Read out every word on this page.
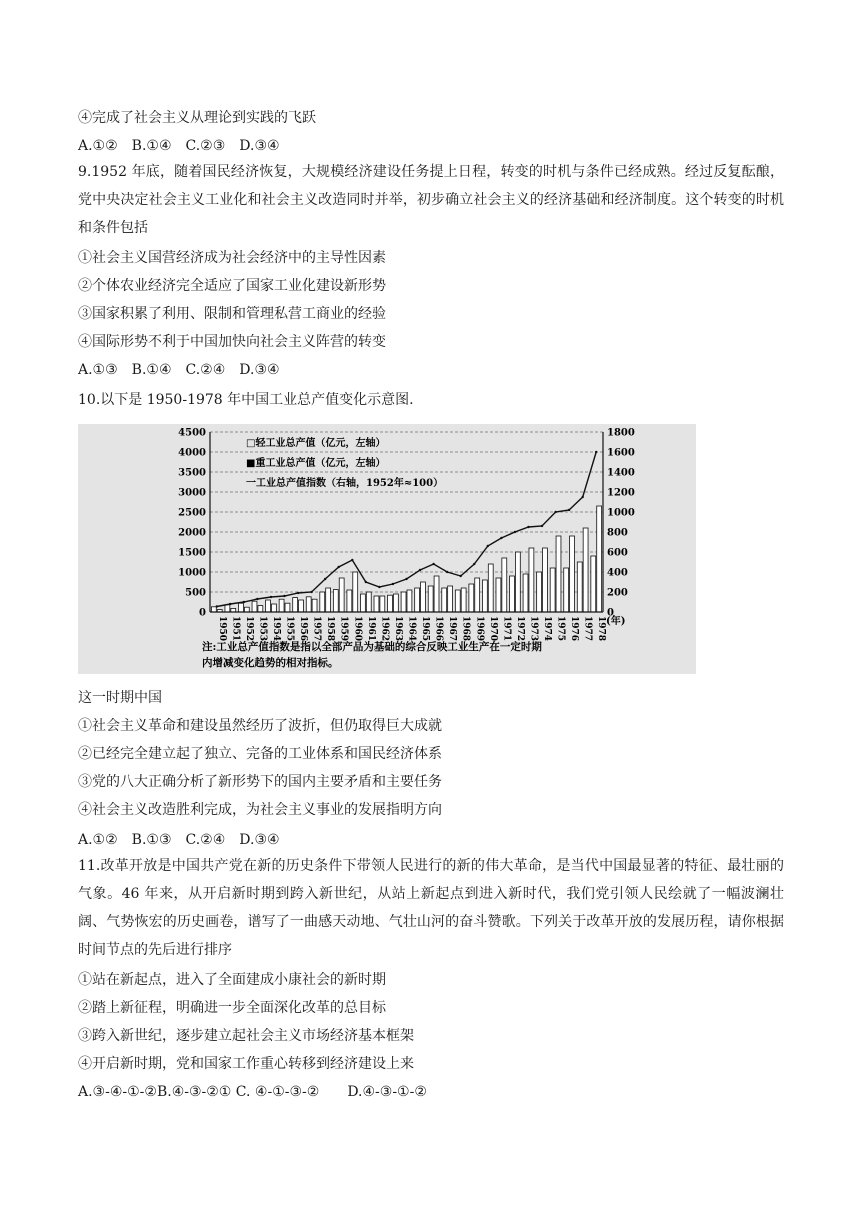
④完成了社会主义从理论到实践的飞跃
A.①②　B.①④　C.②③　D.③④
9.1952 年底，随着国民经济恢复，大规模经济建设任务提上日程，转变的时机与条件已经成熟。经过反复酝酿，党中央决定社会主义工业化和社会主义改造同时并举，初步确立社会主义的经济基础和经济制度。这个转变的时机和条件包括
①社会主义国营经济成为社会经济中的主导性因素
②个体农业经济完全适应了国家工业化建设新形势
③国家积累了利用、限制和管理私营工商业的经验
④国际形势不利于中国加快向社会主义阵营的转变
A.①③　B.①④　C.②④　D.③④
10.以下是 1950-1978 年中国工业总产值变化示意图.
0
500
1000
1500
2000
2500
3000
3500
4000
4500
0
200
400
600
800
1000
1200
1400
1600
1800
1950 1951 1952 1953 1954 1955 1956 1957 1958 1959 1960 1961 1962 1963 1964 1965 1966 1967 1968 1969 1970 1971 1972 1973 1974 1975 1976 1977 1978 (年)
□轻工业总产值（亿元，左轴）
■重工业总产值（亿元，左轴）
一工业总产值指数（右轴，1952年≈100）
注:工业总产值指数是指以全部产品为基础的综合反映工业生产在一定时期
内增减变化趋势的相对指标。
这一时期中国
①社会主义革命和建设虽然经历了波折，但仍取得巨大成就
②已经完全建立起了独立、完备的工业体系和国民经济体系
③党的八大正确分析了新形势下的国内主要矛盾和主要任务
④社会主义改造胜利完成，为社会主义事业的发展指明方向
A.①②　B.①③　C.②④　D.③④
11.改革开放是中国共产党在新的历史条件下带领人民进行的新的伟大革命，是当代中国最显著的特征、最壮丽的气象。46 年来，从开启新时期到跨入新世纪，从站上新起点到进入新时代，我们党引领人民绘就了一幅波澜壮阔、气势恢宏的历史画卷，谱写了一曲感天动地、气壮山河的奋斗赞歌。下列关于改革开放的发展历程，请你根据时间节点的先后进行排序
①站在新起点，进入了全面建成小康社会的新时期
②踏上新征程，明确进一步全面深化改革的总目标
③跨入新世纪，逐步建立起社会主义市场经济基本框架
④开启新时期，党和国家工作重心转移到经济建设上来
A.③-④-①-②B.④-③-②① C. ④-①-③-②　　D.④-③-①-②
